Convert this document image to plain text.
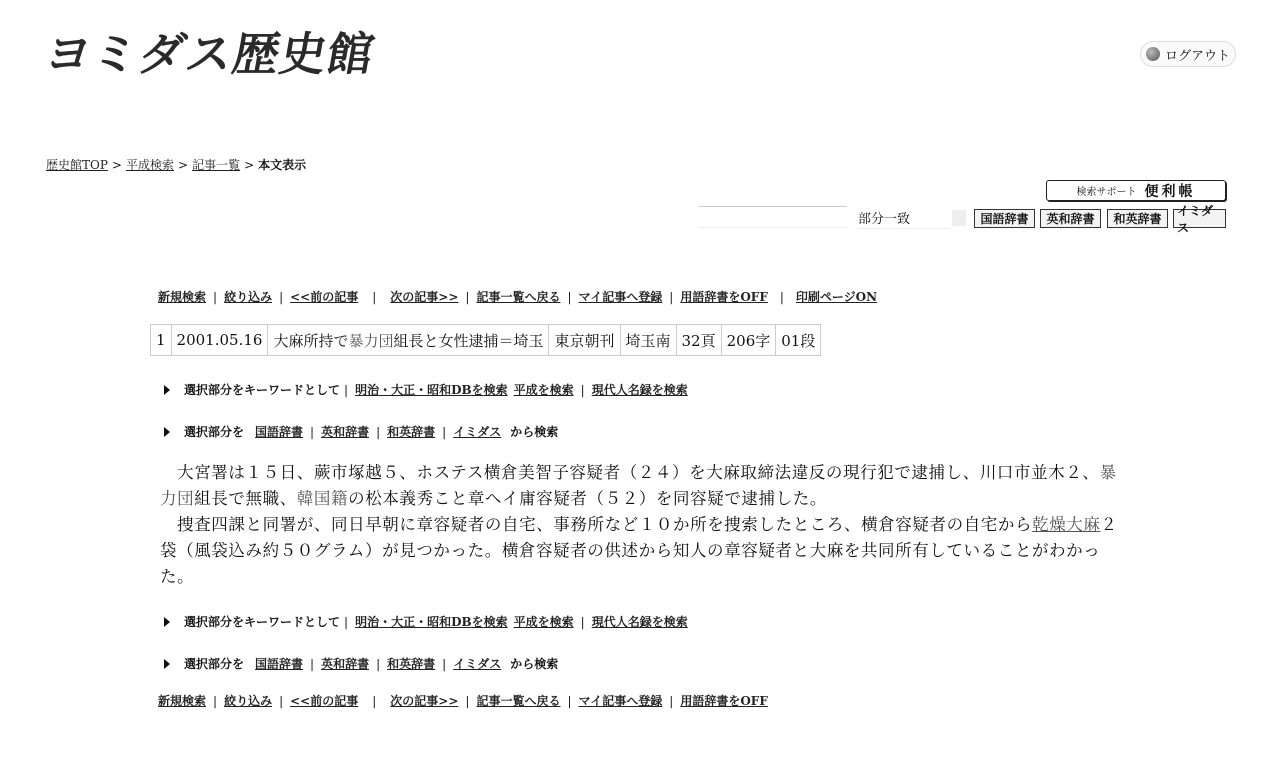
ヨミダス歴史館	ログアウト
歴史館TOP > 平成検索 > 記事一覧 > 本文表示
検索サポート 便利帳
部分一致	国語辞書	英和辞書	和英辞書
イミダス
新規検索 | 絞り込み | <<前の記事 | 次の記事>> | 記事一覧へ戻る | マイ記事へ登録 | 用語辞書をOFF | 印刷ページON
1	2001.05.16	大麻所持で暴力団組長と女性逮捕＝埼玉	東京朝刊	埼玉南	32頁	206字	01段
選択部分をキーワードとして | 明治・大正・昭和DBを検索 平成を検索 | 現代人名録を検索
選択部分を 国語辞書 | 英和辞書 | 和英辞書 | イミダス から検索

　大宮署は１５日、蕨市塚越５、ホステス横倉美智子容疑者（２４）を大麻取締法違反の現行犯で逮捕し、川口市並木２、暴力団組長で無職、韓国籍の松本義秀こと章ヘイ庸容疑者（５２）を同容疑で逮捕した。

　捜査四課と同署が、同日早朝に章容疑者の自宅、事務所など１０か所を捜索したところ、横倉容疑者の自宅から乾燥大麻２袋（風袋込み約５０グラム）が見つかった。横倉容疑者の供述から知人の章容疑者と大麻を共同所有していることがわかった。

選択部分をキーワードとして | 明治・大正・昭和DBを検索 平成を検索 | 現代人名録を検索
選択部分を 国語辞書 | 英和辞書 | 和英辞書 | イミダス から検索
新規検索 | 絞り込み | <<前の記事 | 次の記事>> | 記事一覧へ戻る | マイ記事へ登録 | 用語辞書をOFF
